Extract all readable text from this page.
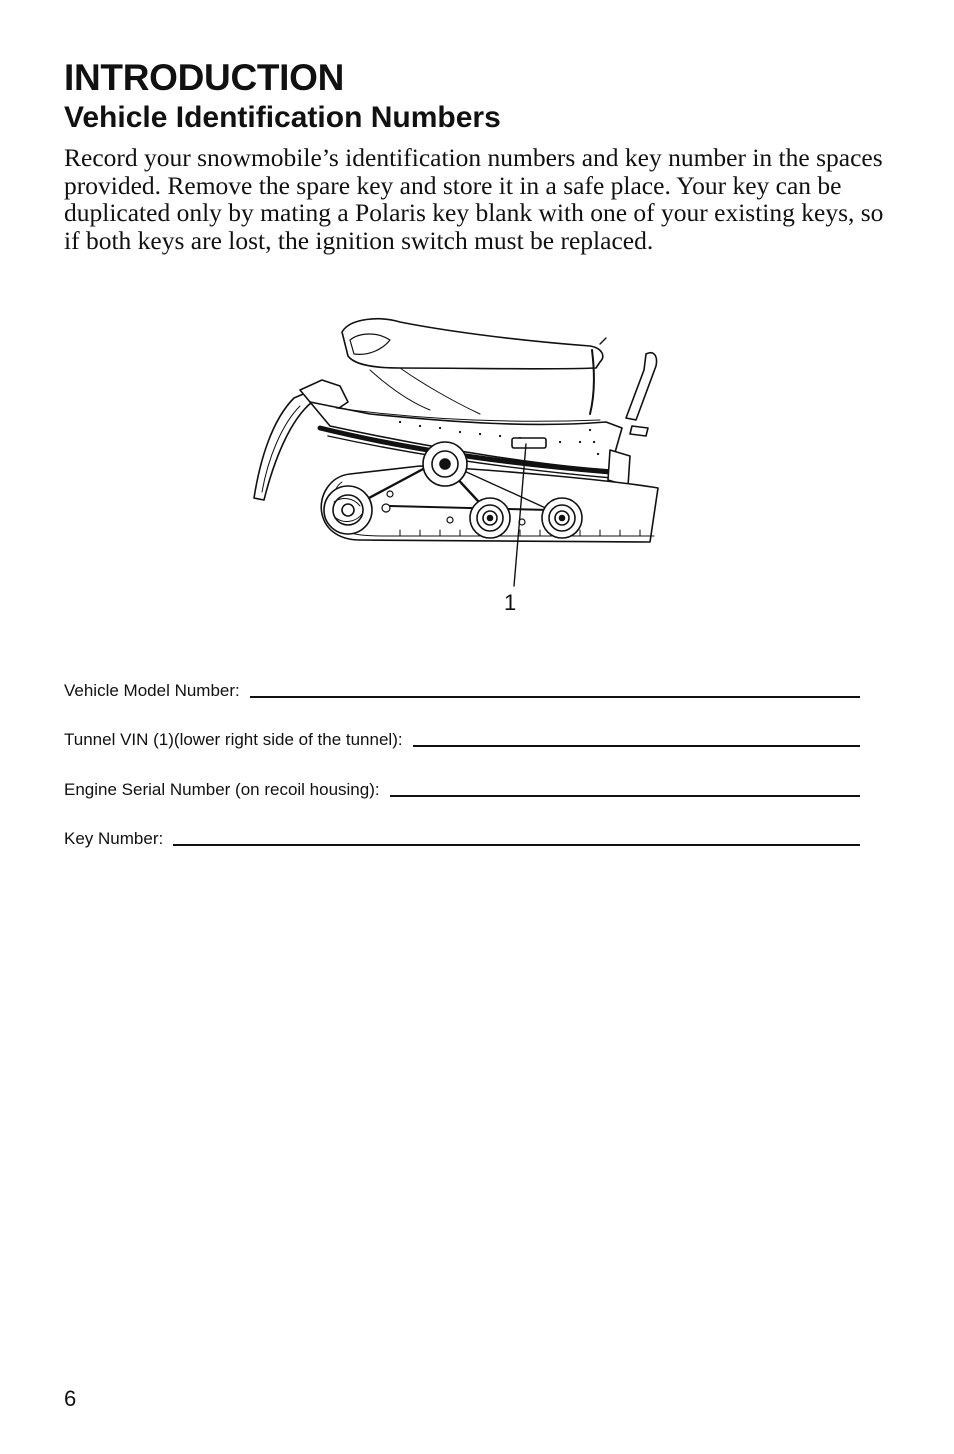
INTRODUCTION
Vehicle Identification Numbers

Record your snowmobile’s identification numbers and key number in the spaces provided. Remove the spare key and store it in a safe place. Your key can be duplicated only by mating a Polaris key blank with one of your existing keys, so if both keys are lost, the ignition switch must be replaced.

1
Vehicle Model Number:
Tunnel VIN (1)(lower right side of the tunnel):
Engine Serial Number (on recoil housing):
Key Number:
6
